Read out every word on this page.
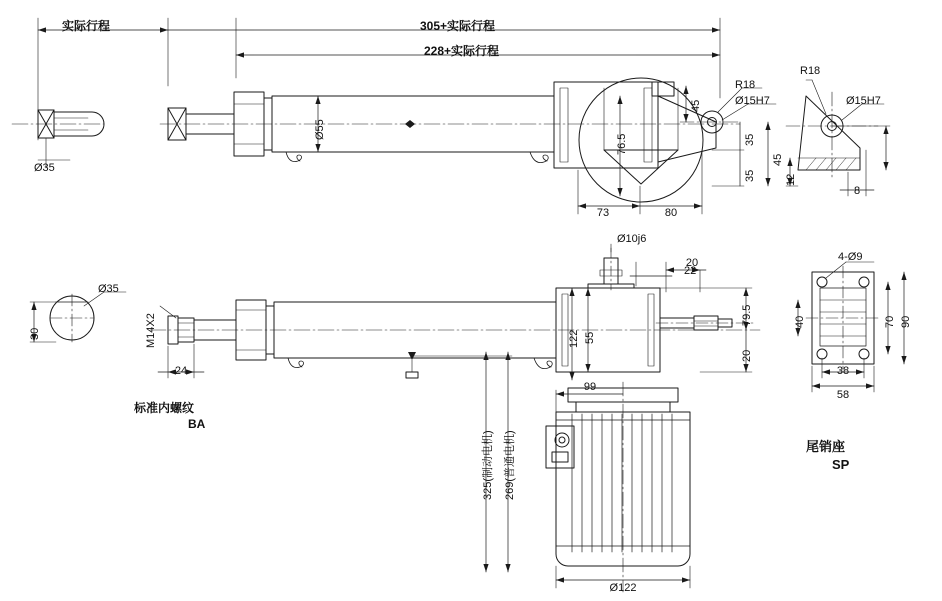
实际行程	305+实际行程
228+实际行程
Ø35
Ø55
R18
Ø15H7
R18
Ø15H7
45
76.5	35
35
45
73	80
12
8
Ø35
30	M14X2
24
标准内螺纹
BA
Ø10j6
22
20
79.5
20
122 55
99
325(制动电机) 269(普通电机)
Ø122
4-Ø9
40	70 90
38
58
尾销座
SP
